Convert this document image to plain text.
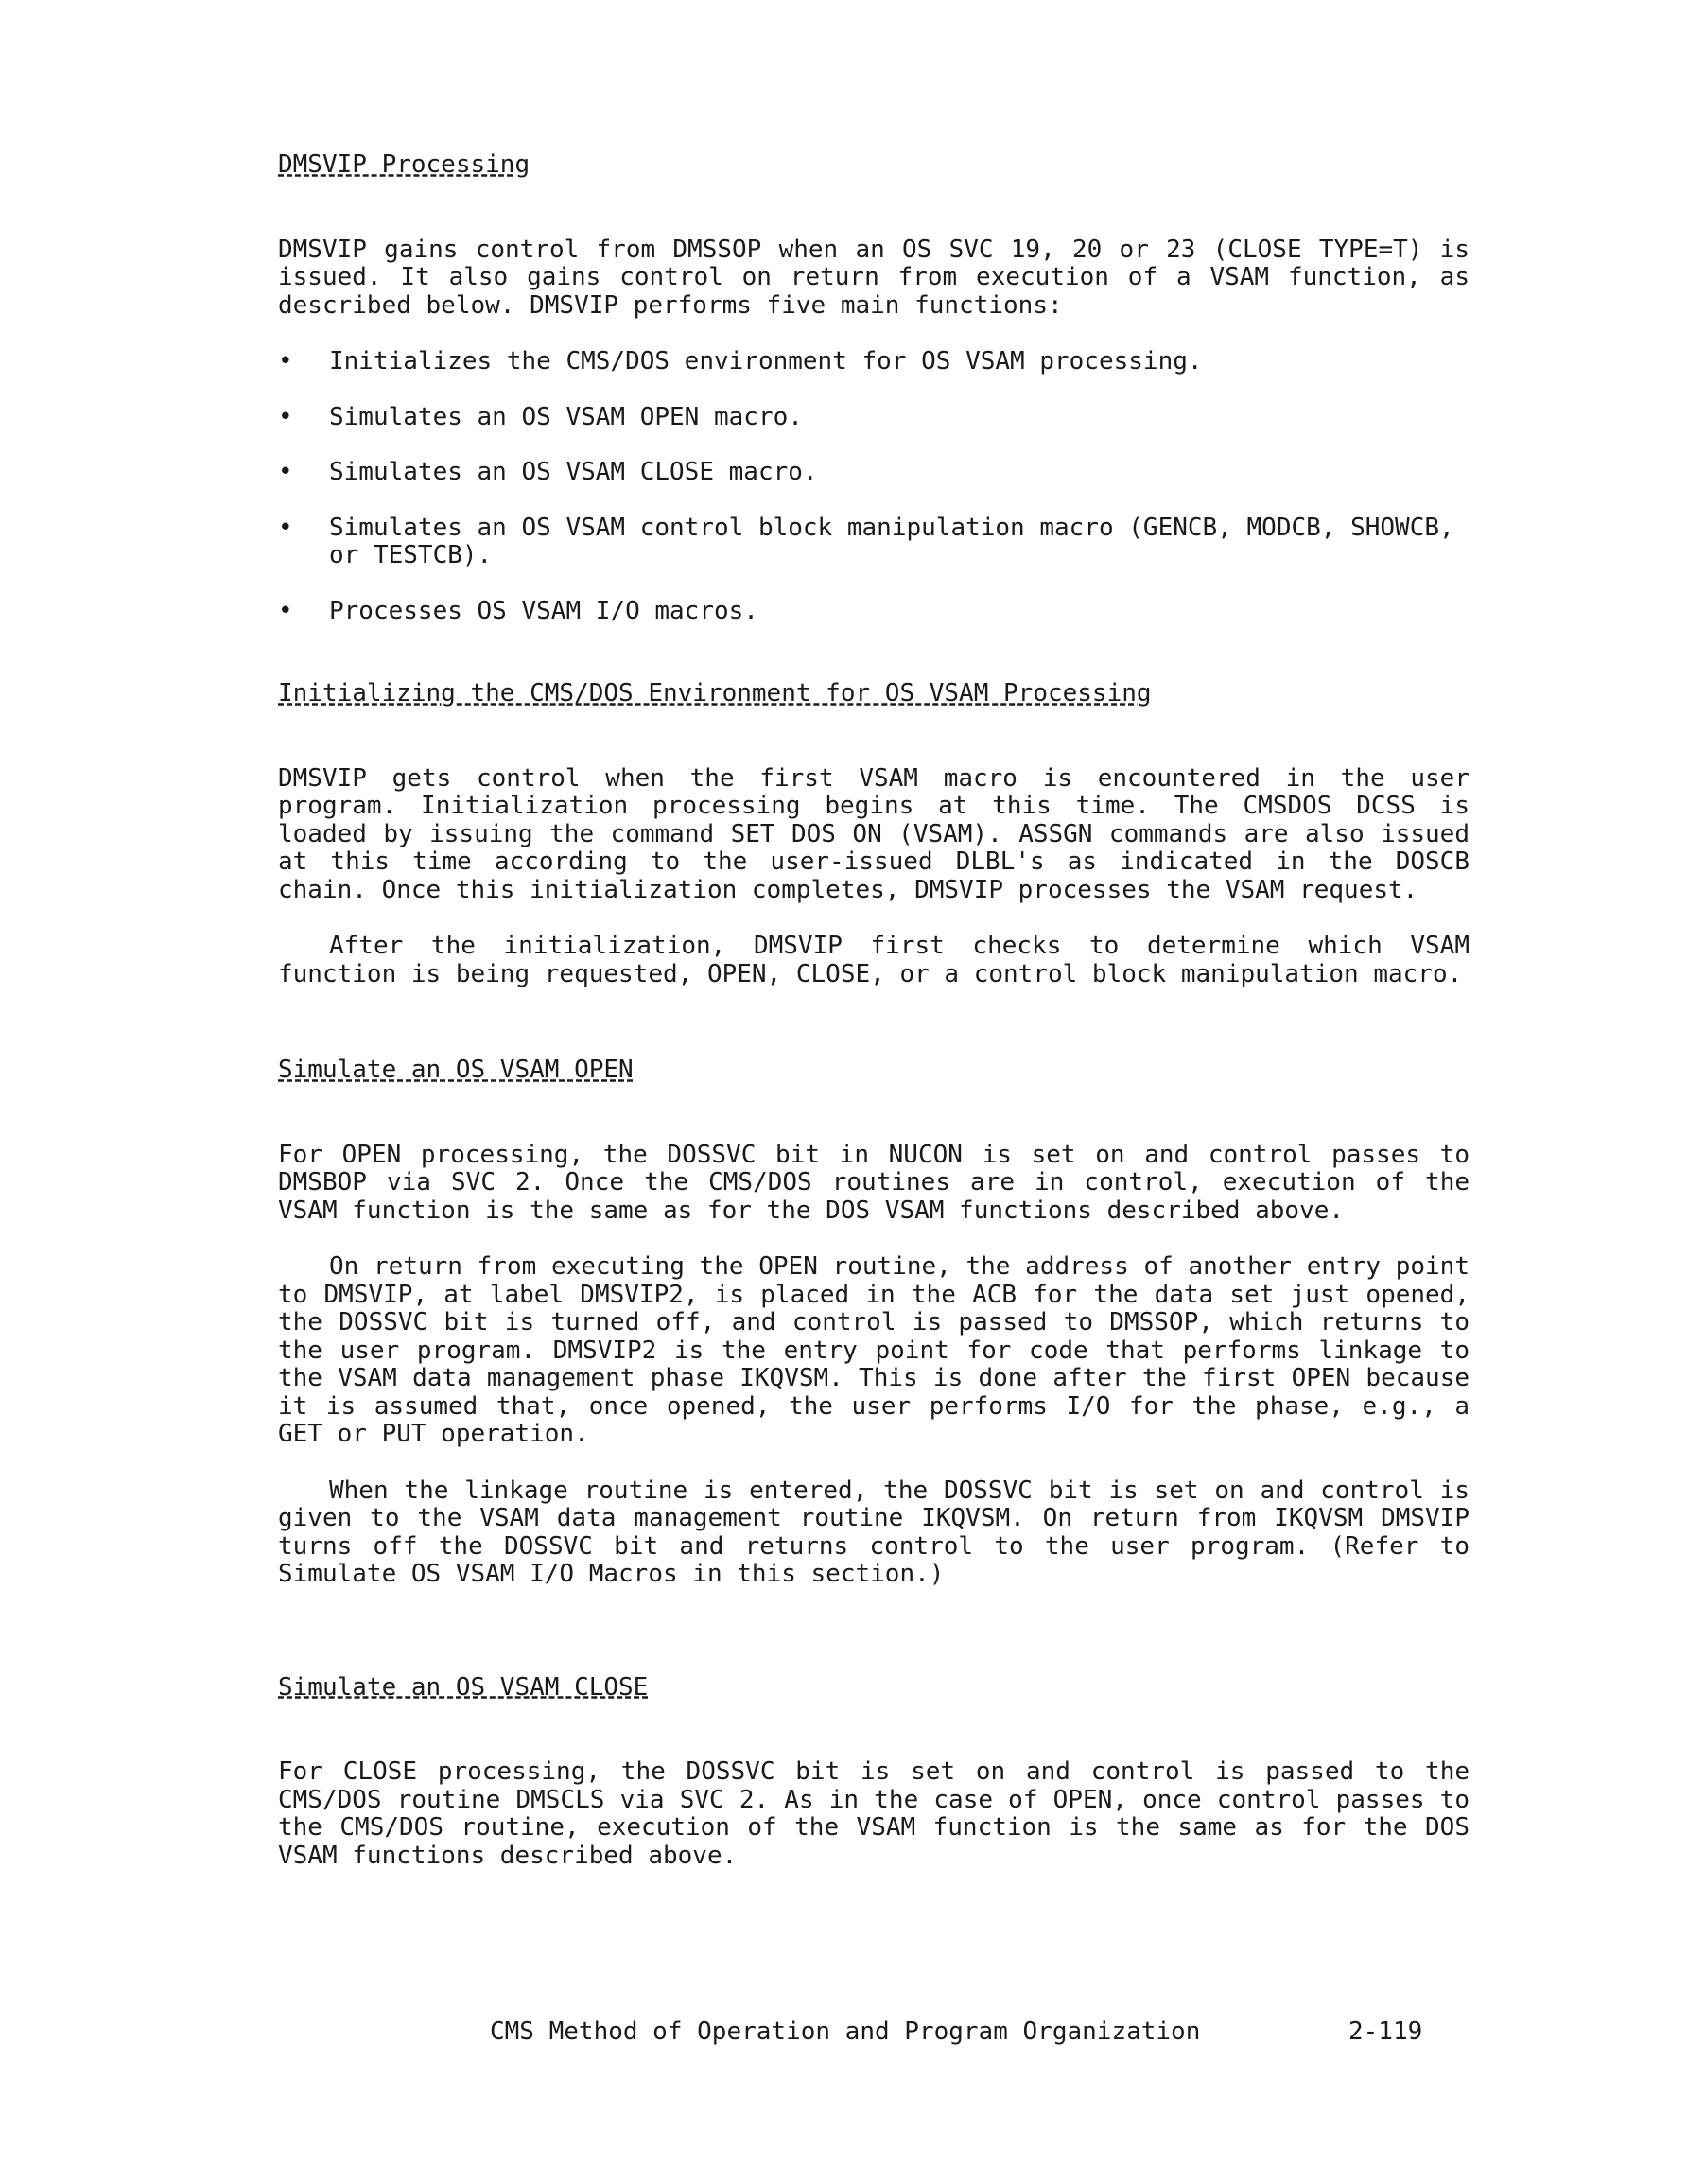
DMSVIP Processing

DMSVIP gains control from DMSSOP when an OS SVC 19, 20 or 23 (CLOSE TYPE=T) is issued. It also gains control on return from execution of a VSAM function, as described below. DMSVIP performs five main functions:

• Initializes the CMS/DOS environment for OS VSAM processing.
• Simulates an OS VSAM OPEN macro.
• Simulates an OS VSAM CLOSE macro.
• Simulates an OS VSAM control block manipulation macro (GENCB, MODCB, SHOWCB, or TESTCB).
• Processes OS VSAM I/O macros.
Initializing the CMS/DOS Environment for OS VSAM Processing

DMSVIP gets control when the first VSAM macro is encountered in the user program. Initialization processing begins at this time. The CMSDOS DCSS is loaded by issuing the command SET DOS ON (VSAM). ASSGN commands are also issued at this time according to the user-issued DLBL's as indicated in the DOSCB chain. Once this initialization completes, DMSVIP processes the VSAM request.

After the initialization, DMSVIP first checks to determine which VSAM function is being requested, OPEN, CLOSE, or a control block manipulation macro.

Simulate an OS VSAM OPEN

For OPEN processing, the DOSSVC bit in NUCON is set on and control passes to DMSBOP via SVC 2. Once the CMS/DOS routines are in control, execution of the VSAM function is the same as for the DOS VSAM functions described above.

On return from executing the OPEN routine, the address of another entry point to DMSVIP, at label DMSVIP2, is placed in the ACB for the data set just opened, the DOSSVC bit is turned off, and control is passed to DMSSOP, which returns to the user program. DMSVIP2 is the entry point for code that performs linkage to the VSAM data management phase IKQVSM. This is done after the first OPEN because it is assumed that, once opened, the user performs I/O for the phase, e.g., a GET or PUT operation.

When the linkage routine is entered, the DOSSVC bit is set on and control is given to the VSAM data management routine IKQVSM. On return from IKQVSM DMSVIP turns off the DOSSVC bit and returns control to the user program. (Refer to Simulate OS VSAM I/O Macros in this section.)

Simulate an OS VSAM CLOSE

For CLOSE processing, the DOSSVC bit is set on and control is passed to the CMS/DOS routine DMSCLS via SVC 2. As in the case of OPEN, once control passes to the CMS/DOS routine, execution of the VSAM function is the same as for the DOS VSAM functions described above.

CMS Method of Operation and Program Organization	2-119
